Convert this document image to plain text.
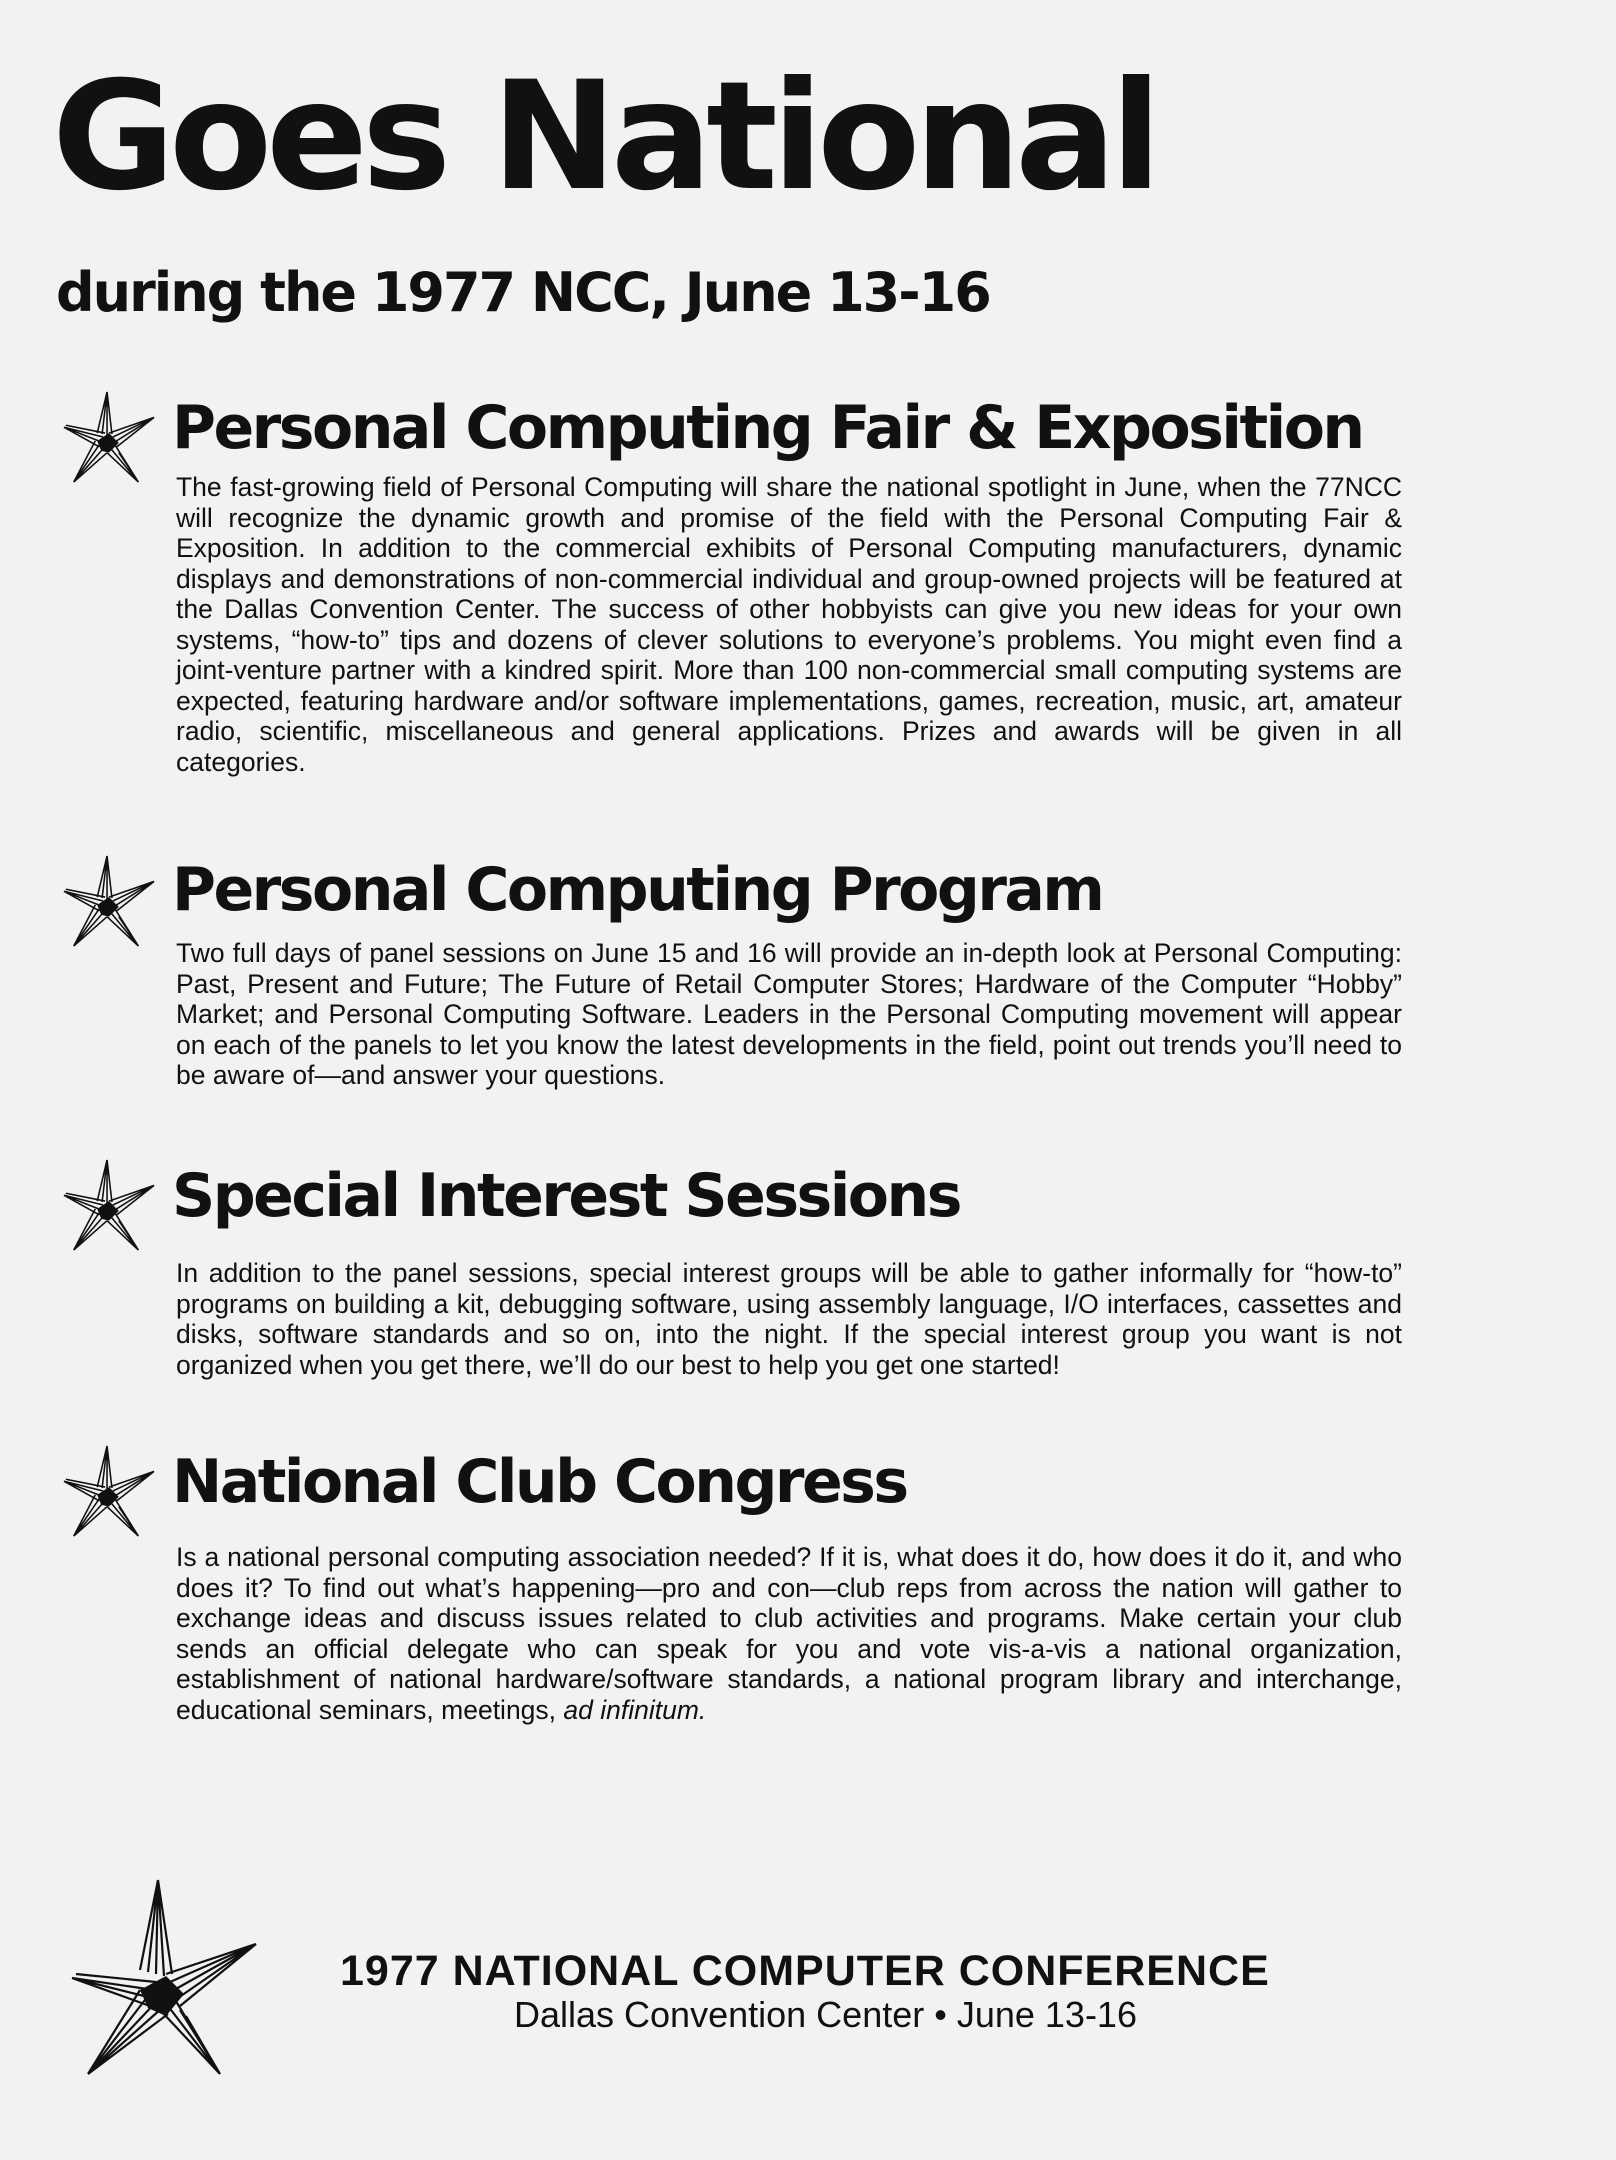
Goes National
during the 1977 NCC, June 13-16
Personal Computing Fair & Exposition

The fast-growing field of Personal Computing will share the national spotlight in June, when the 77NCC will recognize the dynamic growth and promise of the field with the Personal Computing Fair & Exposition. In addition to the commercial exhibits of Personal Computing manufacturers, dynamic displays and demonstrations of non-commercial individual and group-owned projects will be featured at the Dallas Convention Center. The success of other hobbyists can give you new ideas for your own systems, “how-to” tips and dozens of clever solutions to everyone’s problems. You might even find a joint-venture partner with a kindred spirit. More than 100 non-commercial small computing systems are expected, featuring hardware and/or software implementations, games, recreation, music, art, amateur radio, scientific, miscellaneous and general applications. Prizes and awards will be given in all categories.

Personal Computing Program

Two full days of panel sessions on June 15 and 16 will provide an in-depth look at Personal Computing: Past, Present and Future; The Future of Retail Computer Stores; Hardware of the Computer “Hobby” Market; and Personal Computing Software. Leaders in the Personal Computing movement will appear on each of the panels to let you know the latest developments in the field, point out trends you’ll need to be aware of—and answer your questions.

Special Interest Sessions

In addition to the panel sessions, special interest groups will be able to gather informally for “how-to” programs on building a kit, debugging software, using assembly language, I/O interfaces, cassettes and disks, software standards and so on, into the night. If the special interest group you want is not organized when you get there, we’ll do our best to help you get one started!

National Club Congress

Is a national personal computing association needed? If it is, what does it do, how does it do it, and who does it? To find out what’s happening—pro and con—club reps from across the nation will gather to exchange ideas and discuss issues related to club activities and programs. Make certain your club sends an official delegate who can speak for you and vote vis-a-vis a national organization, establishment of national hardware/software standards, a national program library and interchange, educational seminars, meetings, ad infinitum.

1977 NATIONAL COMPUTER CONFERENCE
Dallas Convention Center • June 13-16
